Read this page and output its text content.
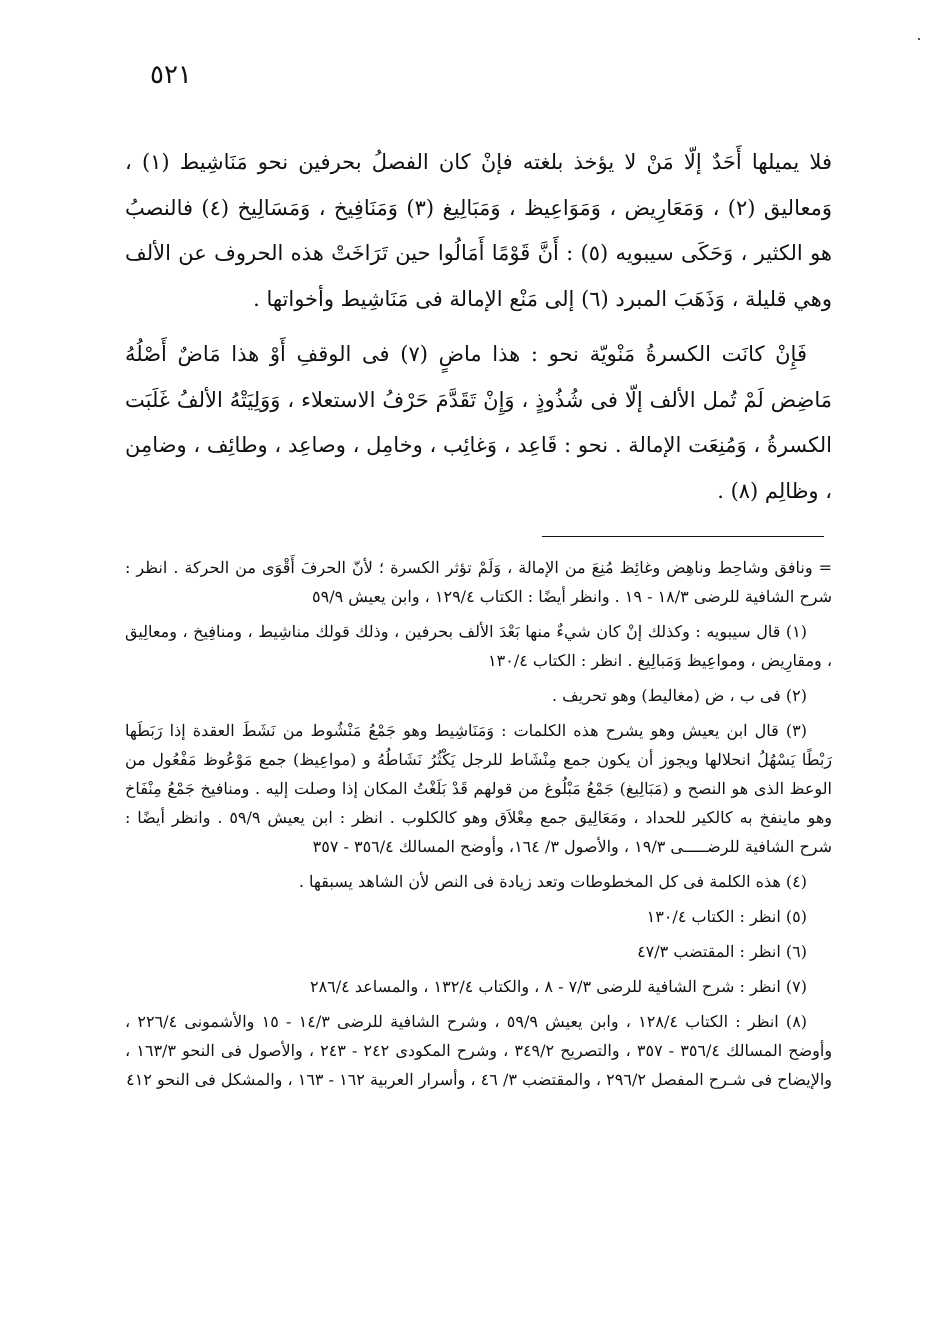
٥٢١

فلا يميلها أَحَدٌ إلّا مَنْ لا يؤخذ بلغته فإنْ كان الفصلُ بحرفين نحو مَنَاشِيط (١) ، وَمعاليق (٢) ، وَمَعَارِيض ، وَمَوَاعِيظ ، وَمَبَالِيغ (٣) وَمَنَافِيخ ، وَمَسَالِيخ (٤) فالنصبُ هو الكثير ، وَحَكَى سيبويه (٥) : أَنَّ قَوْمًا أَمَالُوا حين تَرَاخَتْ هذه الحروف عن الألف وهي قليلة ، وَذَهَبَ المبرد (٦) إلى مَنْع الإمالة فى مَنَاشِيط وأخواتها .

فَإِنْ كانَت الكسرةُ مَنْويّة نحو : هذا ماضٍ (٧) فى الوقفِ أَوْ هذا مَاضٌ أَصْلُهُ مَاضِض لَمْ تُمل الألف إلّا فى شُذُوذٍ ، وَإِنْ تَقَدَّمَ حَرْفُ الاستعلاء ، وَوَلِيَتْهُ الألفُ غَلَبَت الكسرةُ ، وَمُنِعَت الإمالة . نحو : قَاعِد ، وَغائِب ، وخامِل ، وصاعِد ، وطائِف ، وضامِن ، وظالِم (٨) .

= ونافق وشاحِط وناهِض وغائِظ مُنِعَ من الإمالة ، وَلَمْ تؤثر الكسرة ؛ لأنّ الحرفَ أَقْوَى من الحركة . انظر : شرح الشافية للرضى ١٨/٣ - ١٩ . وانظر أيضًا : الكتاب ١٢٩/٤ ، وابن يعيش ٥٩/٩

(١) قال سيبويه : وكذلك إنْ كان شيءٌ منها بَعْدَ الألف بحرفين ، وذلك قولك مناشِيط ، ومنافِيخ ، ومعالِيق ، ومقارِيض ، ومواعِيظ وَمَبالِيغ . انظر : الكتاب ١٣٠/٤

(٢) فى ب ، ض (مغاليط) وهو تحريف .

(٣) قال ابن يعيش وهو يشرح هذه الكلمات : وَمَنَاشِيط وهو جَمْعُ مَنْشُوط من نَشَطَ العقدة إذا رَبَطَها رَبْطًا يَسْهُلُ انحلالها ويجوز أن يكون جمع مِنْشَاط للرجل يَكْثُرُ نَشَاطُهُ و (مواعِيظ) جمع مَوْعُوظ مَفْعُول من الوعظ الذى هو النصح و (مَبَالِيغ) جَمْعُ مَبْلُوغ من قولهم قَدْ بَلَغْتُ المكان إذا وصلت إليه . ومنافيخ جَمْعُ مِنْفَاخ وهو ماينفخ به كالكير للحداد ، ومَعَالِيق جمع مِعْلاَق وهو كالكلوب . انظر : ابن يعيش ٥٩/٩ . وانظر أيضًا : شرح الشافية للرضـــــى ١٩/٣ ، والأصول ٣/ ١٦٤، وأوضح المسالك ٣٥٦/٤ - ٣٥٧

(٤) هذه الكلمة فى كل المخطوطات وتعد زيادة فى النص لأن الشاهد يسبقها .

(٥) انظر : الكتاب ١٣٠/٤

(٦) انظر : المقتضب ٤٧/٣

(٧) انظر : شرح الشافية للرضى ٧/٣ - ٨ ، والكتاب ١٣٢/٤ ، والمساعد ٢٨٦/٤

(٨) انظر : الكتاب ١٢٨/٤ ، وابن يعيش ٥٩/٩ ، وشرح الشافية للرضى ١٤/٣ - ١٥ والأشمونى ٢٢٦/٤ ، وأوضح المسالك ٣٥٦/٤ - ٣٥٧ ، والتصريح ٣٤٩/٢ ، وشرح المكودى ٢٤٢ - ٢٤٣ ، والأصول فى النحو ١٦٣/٣ ، والإيضاح فى شـرح المفصل ٢٩٦/٢ ، والمقتضب ٣/ ٤٦ ، وأسرار العربية ١٦٢ - ١٦٣ ، والمشكل فى النحو ٤١٢
